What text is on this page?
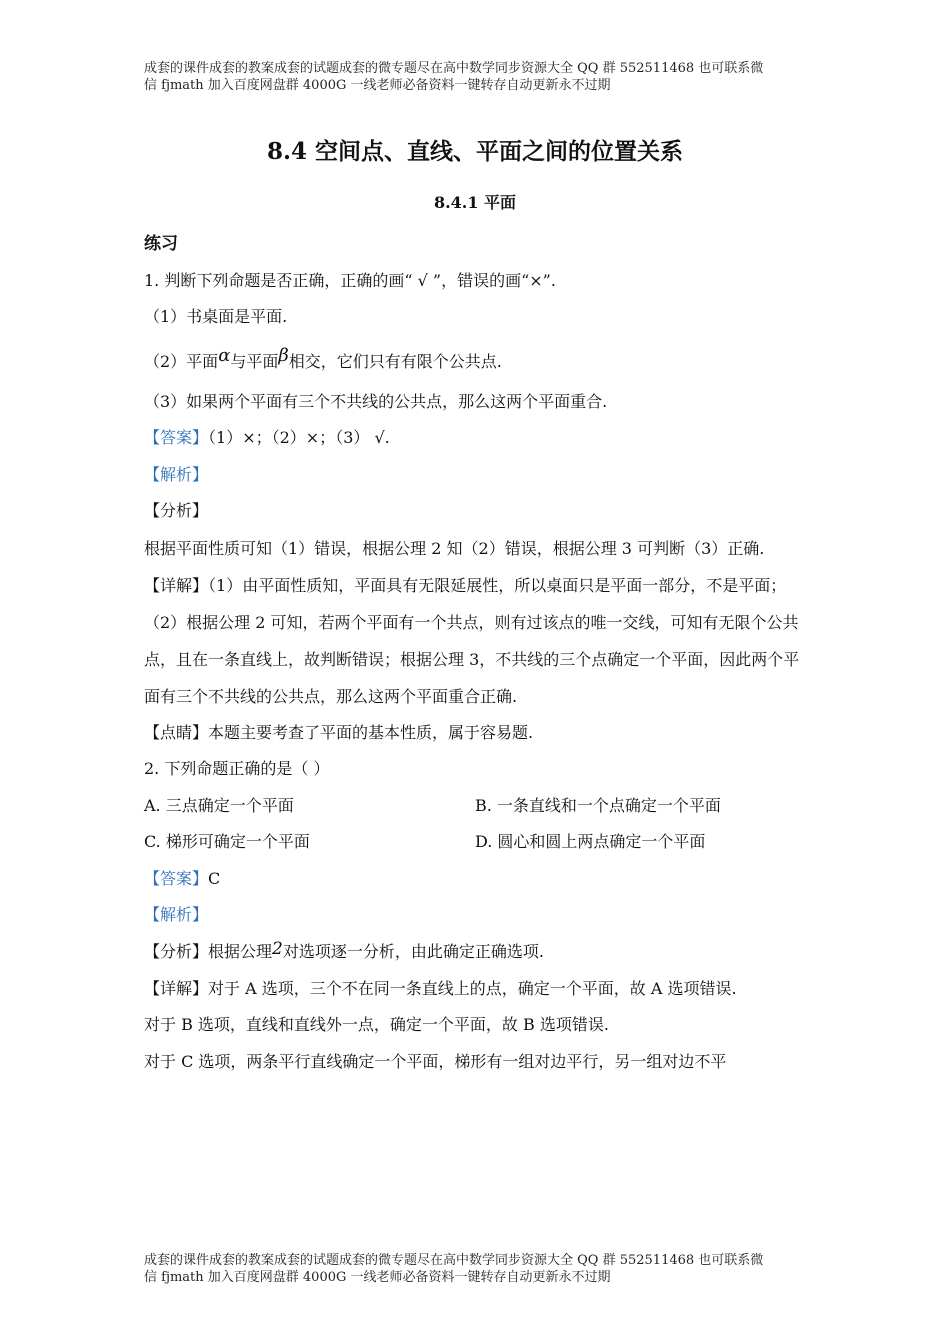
成套的课件成套的教案成套的试题成套的微专题尽在高中数学同步资源大全 QQ 群 552511468 也可联系微
信 fjmath 加入百度网盘群 4000G 一线老师必备资料一键转存自动更新永不过期
8.4 空间点、直线、平面之间的位置关系
8.4.1 平面
练习
1. 判断下列命题是否正确，正确的画“ √ ”，错误的画“×”.
（1）书桌面是平面.
（2）平面α与平面β相交，它们只有有限个公共点.
（3）如果两个平面有三个不共线的公共点，那么这两个平面重合.
【答案】（1）×；（2）×；（3） √.
【解析】
【分析】
根据平面性质可知（1）错误，根据公理 2 知（2）错误，根据公理 3 可判断（3）正确.
【详解】（1）由平面性质知，平面具有无限延展性，所以桌面只是平面一部分，不是平面；（2）根据公理 2 可知，若两个平面有一个共点，则有过该点的唯一交线，可知有无限个公共点，且在一条直线上，故判断错误；根据公理 3，不共线的三个点确定一个平面，因此两个平面有三个不共线的公共点，那么这两个平面重合正确.
【点睛】本题主要考查了平面的基本性质，属于容易题.
2. 下列命题正确的是（ ）
A. 三点确定一个平面	B. 一条直线和一个点确定一个平面
C. 梯形可确定一个平面	D. 圆心和圆上两点确定一个平面
【答案】C
【解析】
【分析】根据公理2对选项逐一分析，由此确定正确选项.
【详解】对于 A 选项，三个不在同一条直线上的点，确定一个平面，故 A 选项错误.
对于 B 选项，直线和直线外一点，确定一个平面，故 B 选项错误.
对于 C 选项，两条平行直线确定一个平面，梯形有一组对边平行，另一组对边不平
成套的课件成套的教案成套的试题成套的微专题尽在高中数学同步资源大全 QQ 群 552511468 也可联系微
信 fjmath 加入百度网盘群 4000G 一线老师必备资料一键转存自动更新永不过期
